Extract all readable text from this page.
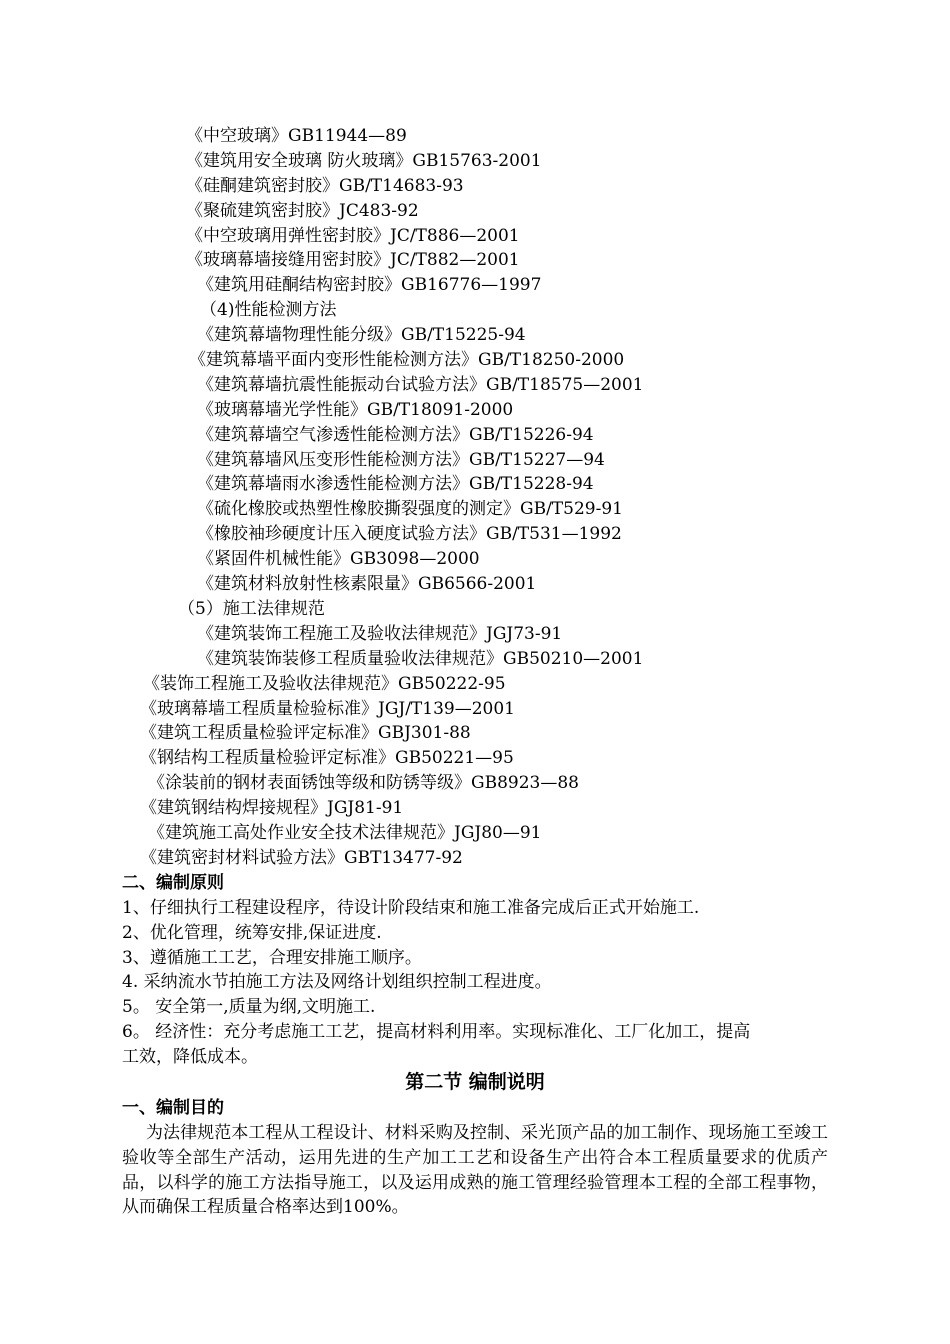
《中空玻璃》GB11944—89
《建筑用安全玻璃 防火玻璃》GB15763-2001
《硅酮建筑密封胶》GB/T14683-93
《聚硫建筑密封胶》JC483-92
《中空玻璃用弹性密封胶》JC/T886—2001
《玻璃幕墙接缝用密封胶》JC/T882—2001
《建筑用硅酮结构密封胶》GB16776—1997
（4)性能检测方法
《建筑幕墙物理性能分级》GB/T15225-94
《建筑幕墙平面内变形性能检测方法》GB/T18250-2000
《建筑幕墙抗震性能振动台试验方法》GB/T18575—2001
《玻璃幕墙光学性能》GB/T18091-2000
《建筑幕墙空气渗透性能检测方法》GB/T15226-94
《建筑幕墙风压变形性能检测方法》GB/T15227—94
《建筑幕墙雨水渗透性能检测方法》GB/T15228-94
《硫化橡胶或热塑性橡胶撕裂强度的测定》GB/T529-91
《橡胶袖珍硬度计压入硬度试验方法》GB/T531—1992
《紧固件机械性能》GB3098—2000
《建筑材料放射性核素限量》GB6566-2001
（5）施工法律规范
《建筑装饰工程施工及验收法律规范》JGJ73-91
《建筑装饰装修工程质量验收法律规范》GB50210—2001
《装饰工程施工及验收法律规范》GB50222-95
《玻璃幕墙工程质量检验标准》JGJ/T139—2001
《建筑工程质量检验评定标准》GBJ301-88
《钢结构工程质量检验评定标准》GB50221—95
《涂装前的钢材表面锈蚀等级和防锈等级》GB8923—88
《建筑钢结构焊接规程》JGJ81-91
《建筑施工高处作业安全技术法律规范》JGJ80—91
《建筑密封材料试验方法》GBT13477-92
二、编制原则
1、仔细执行工程建设程序，待设计阶段结束和施工准备完成后正式开始施工.
2、优化管理，统筹安排,保证进度.
3、遵循施工工艺，合理安排施工顺序。
4. 采纳流水节拍施工方法及网络计划组织控制工程进度。
5。 安全第一,质量为纲,文明施工.
6。 经济性：充分考虑施工工艺，提高材料利用率。实现标准化、工厂化加工，提高
工效，降低成本。
第二节 编制说明
一、编制目的
为法律规范本工程从工程设计、材料采购及控制、采光顶产品的加工制作、现场施工至竣工验收等全部生产活动，运用先进的生产加工工艺和设备生产出符合本工程质量要求的优质产品，以科学的施工方法指导施工，以及运用成熟的施工管理经验管理本工程的全部工程事物，从而确保工程质量合格率达到100%。
